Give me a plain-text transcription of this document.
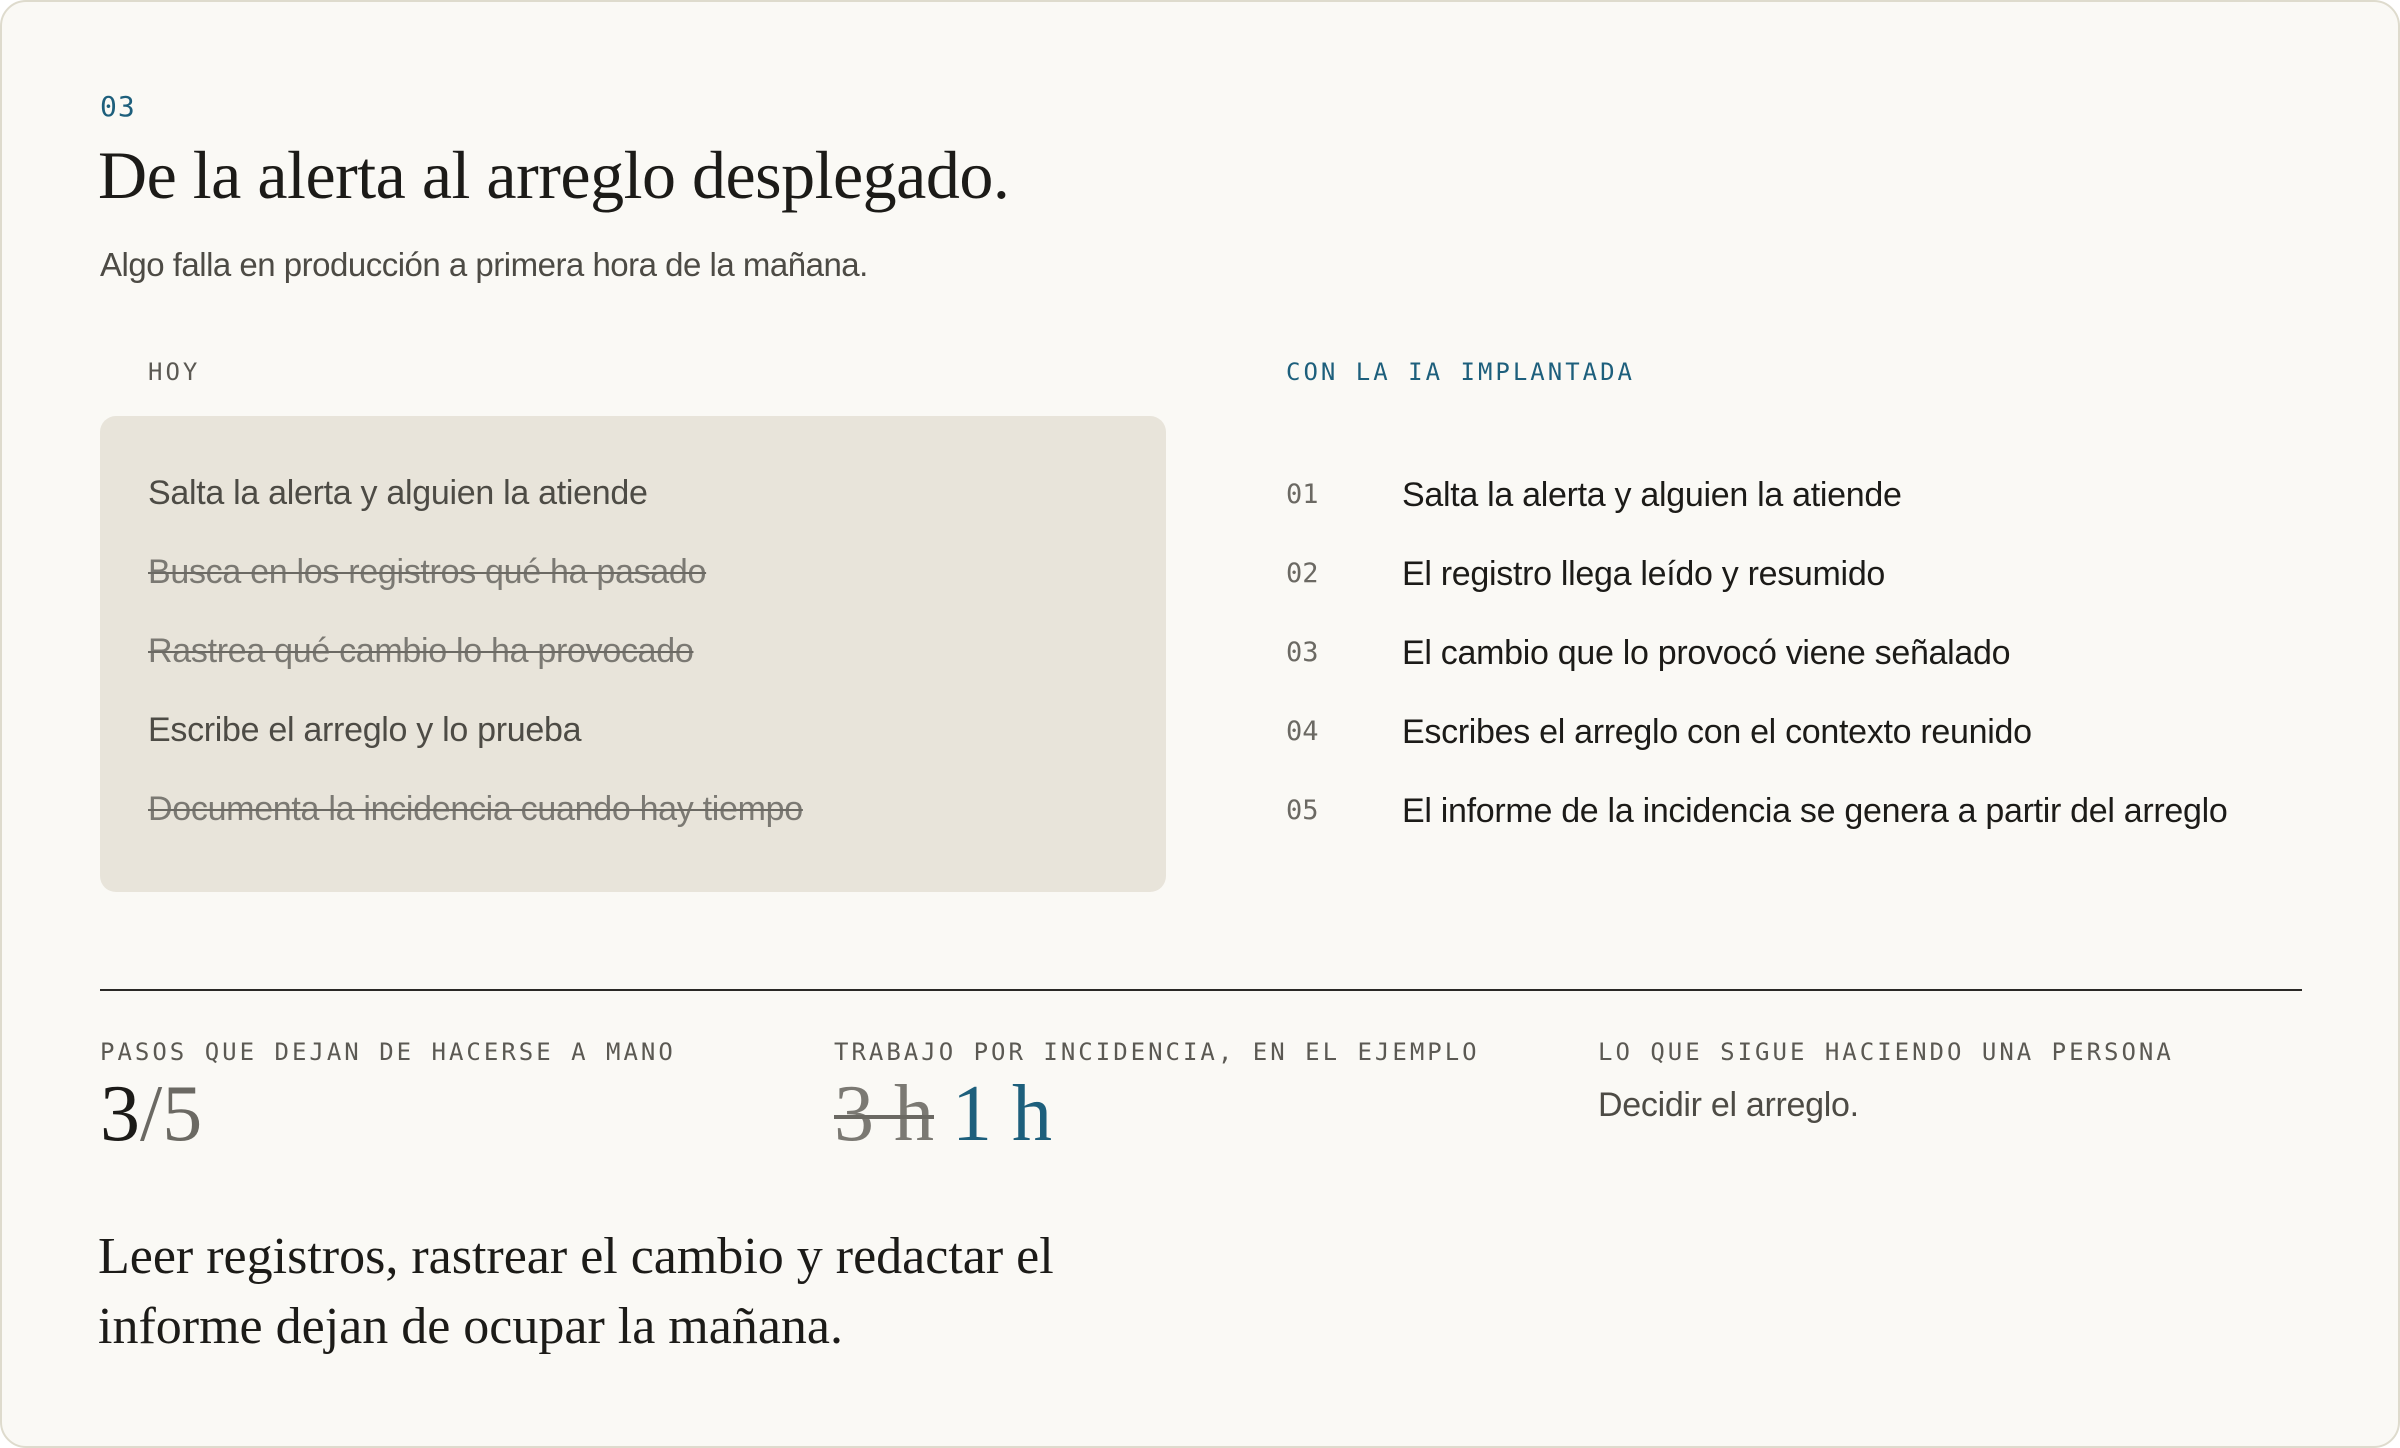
03
De la alerta al arreglo desplegado.

Algo falla en producción a primera hora de la mañana.

HOY	CON LA IA IMPLANTADA
Salta la alerta y alguien la atiende
Busca en los registros qué ha pasado
Rastrea qué cambio lo ha provocado
Escribe el arreglo y lo prueba
Documenta la incidencia cuando hay tiempo
01 Salta la alerta y alguien la atiende
02 El registro llega leído y resumido
03 El cambio que lo provocó viene señalado
04 Escribes el arreglo con el contexto reunido
05 El informe de la incidencia se genera a partir del arreglo
PASOS QUE DEJAN DE HACERSE A MANO
3/5
TRABAJO POR INCIDENCIA, EN EL EJEMPLO
3 h 1 h
LO QUE SIGUE HACIENDO UNA PERSONA
Decidir el arreglo.

Leer registros, rastrear el cambio y redactar el informe dejan de ocupar la mañana.
